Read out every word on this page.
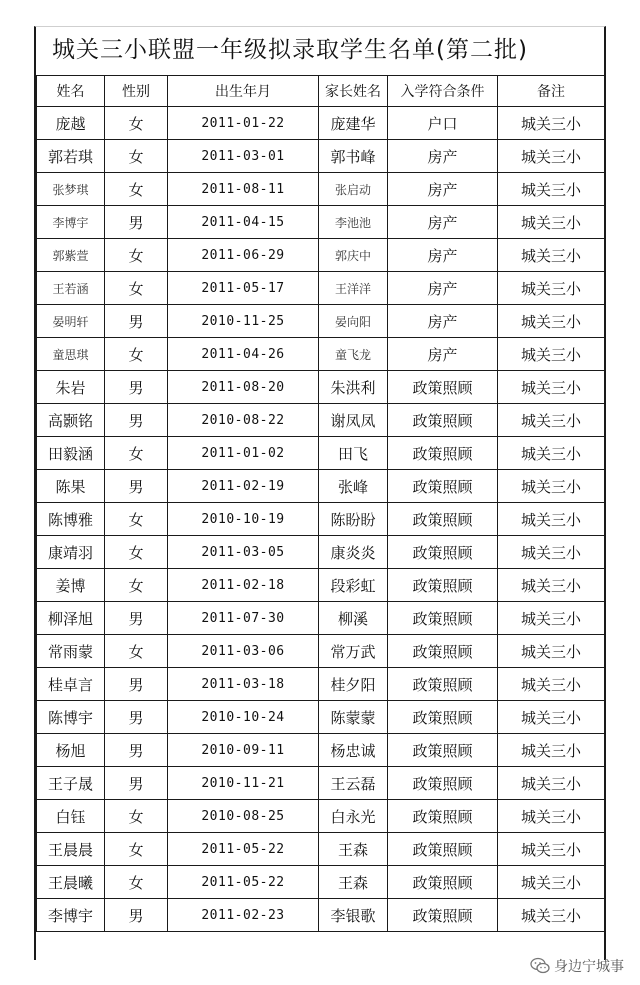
城关三小联盟一年级拟录取学生名单(第二批)
姓名	性别	出生年月	家长姓名	入学符合条件	备注
庞越	女	2011-01-22	庞建华	户口	城关三小
郭若琪	女	2011-03-01	郭书峰	房产	城关三小
张梦琪	女	2011-08-11	张启动	房产	城关三小
李博宇	男	2011-04-15	李池池	房产	城关三小
郭紫萱	女	2011-06-29	郭庆中	房产	城关三小
王若涵	女	2011-05-17	王洋洋	房产	城关三小
晏明轩	男	2010-11-25	晏向阳	房产	城关三小
童思琪	女	2011-04-26	童飞龙	房产	城关三小
朱岩	男	2011-08-20	朱洪利	政策照顾	城关三小
高颢铭	男	2010-08-22	谢凤凤	政策照顾	城关三小
田毅涵	女	2011-01-02	田飞	政策照顾	城关三小
陈果	男	2011-02-19	张峰	政策照顾	城关三小
陈博雅	女	2010-10-19	陈盼盼	政策照顾	城关三小
康靖羽	女	2011-03-05	康炎炎	政策照顾	城关三小
姜博	女	2011-02-18	段彩虹	政策照顾	城关三小
柳泽旭	男	2011-07-30	柳溪	政策照顾	城关三小
常雨蒙	女	2011-03-06	常万武	政策照顾	城关三小
桂卓言	男	2011-03-18	桂夕阳	政策照顾	城关三小
陈博宇	男	2010-10-24	陈蒙蒙	政策照顾	城关三小
杨旭	男	2010-09-11	杨忠诚	政策照顾	城关三小
王子晟	男	2010-11-21	王云磊	政策照顾	城关三小
白钰	女	2010-08-25	白永光	政策照顾	城关三小
王晨晨	女	2011-05-22	王森	政策照顾	城关三小
王晨曦	女	2011-05-22	王森	政策照顾	城关三小
李博宇	男	2011-02-23	李银歌	政策照顾	城关三小
身边宁城事
